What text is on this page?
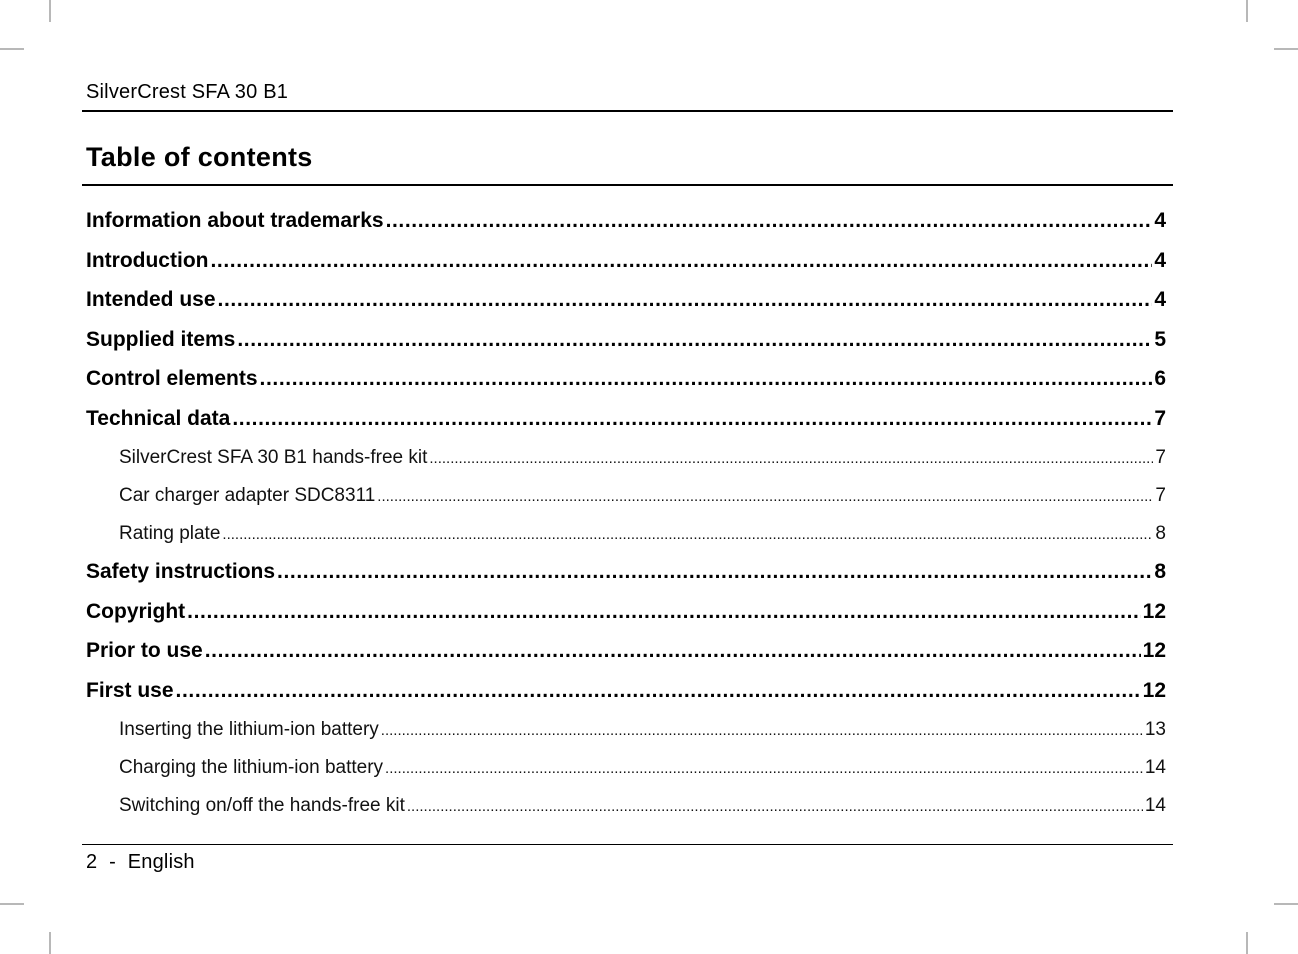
SilverCrest SFA 30 B1
Table of contents
Information about trademarks .....	4
Introduction .....	4
Intended use .....	4
Supplied items .....	5
Control elements .....	6
Technical data .....	7
SilverCrest SFA 30 B1 hands-free kit .....	7
Car charger adapter SDC8311 .....	7
Rating plate .....	8
Safety instructions .....	8
Copyright .....	12
Prior to use .....	12
First use .....	12
Inserting the lithium-ion battery .....	13
Charging the lithium-ion battery .....	14
Switching on/off the hands-free kit .....	14
2 - English
